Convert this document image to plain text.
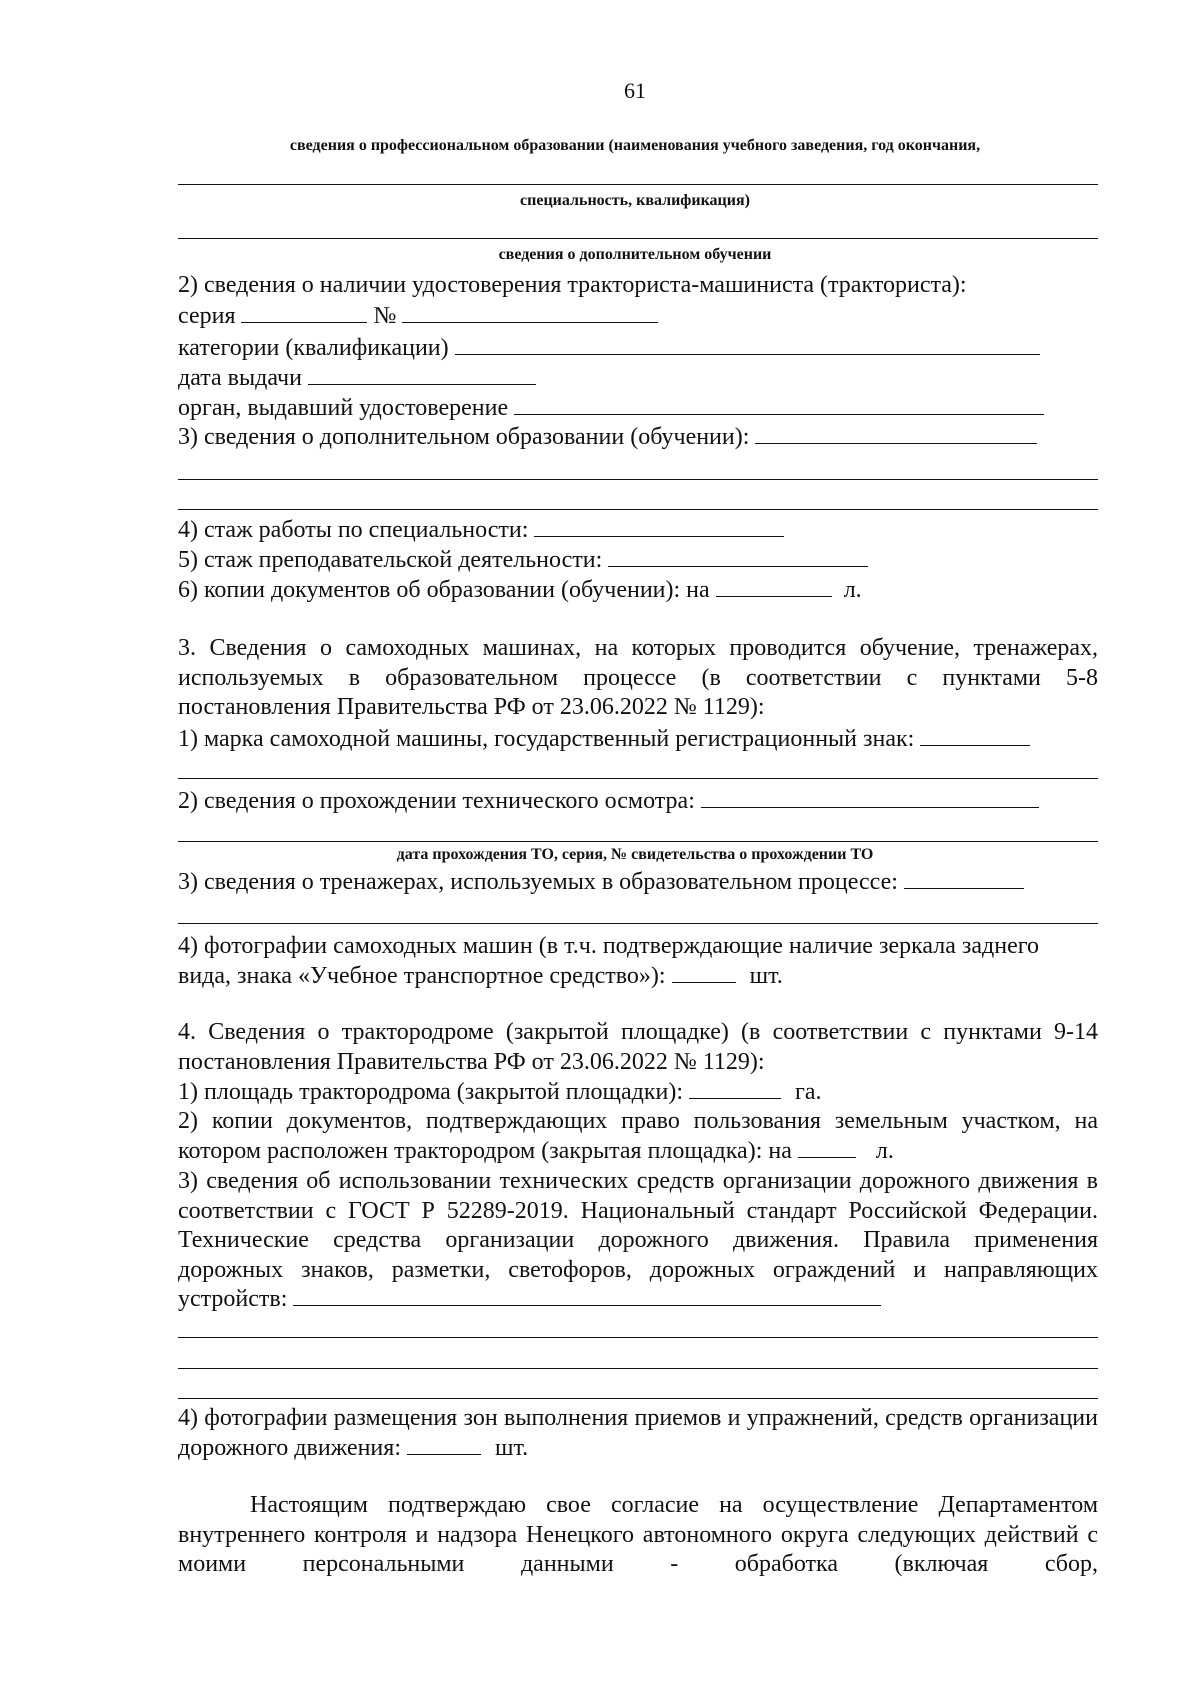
61
сведения о профессиональном образовании (наименования учебного заведения, год окончания,
специальность, квалификация)
сведения о дополнительном обучении
2) сведения о наличии удостоверения тракториста-машиниста (тракториста):
серия	№
категории (квалификации)
дата выдачи
орган, выдавший удостоверение
3) сведения о дополнительном образовании (обучении):
4) стаж работы по специальности:
5) стаж преподавательской деятельности:
6) копии документов об образовании (обучении): на	л.

3. Сведения о самоходных машинах, на которых проводится обучение, тренажерах, используемых в образовательном процессе (в соответствии с пунктами 5-8 постановления Правительства РФ от 23.06.2022 № 1129):

1) марка самоходной машины, государственный регистрационный знак:
2) сведения о прохождении технического осмотра:
дата прохождения ТО, серия, № свидетельства о прохождении ТО
3) сведения о тренажерах, используемых в образовательном процессе:
4) фотографии самоходных машин (в т.ч. подтверждающие наличие зеркала заднего
вида, знака «Учебное транспортное средство»):	шт.

4. Сведения о трактородроме (закрытой площадке) (в соответствии с пунктами 9-14 постановления Правительства РФ от 23.06.2022 № 1129):

1) площадь трактородрома (закрытой площадки):	га.

2) копии документов, подтверждающих право пользования земельным участком, на котором расположен трактородром (закрытая площадка): на	л.

3) сведения об использовании технических средств организации дорожного движения в соответствии с ГОСТ Р 52289-2019. Национальный стандарт Российской Федерации. Технические средства организации дорожного движения. Правила применения дорожных знаков, разметки, светофоров, дорожных ограждений и направляющих устройств:

4) фотографии размещения зон выполнения приемов и упражнений, средств организации дорожного движения:	шт.

Настоящим подтверждаю свое согласие на осуществление Департаментом внутреннего контроля и надзора Ненецкого автономного округа следующих действий с моими персональными данными - обработка (включая сбор,
